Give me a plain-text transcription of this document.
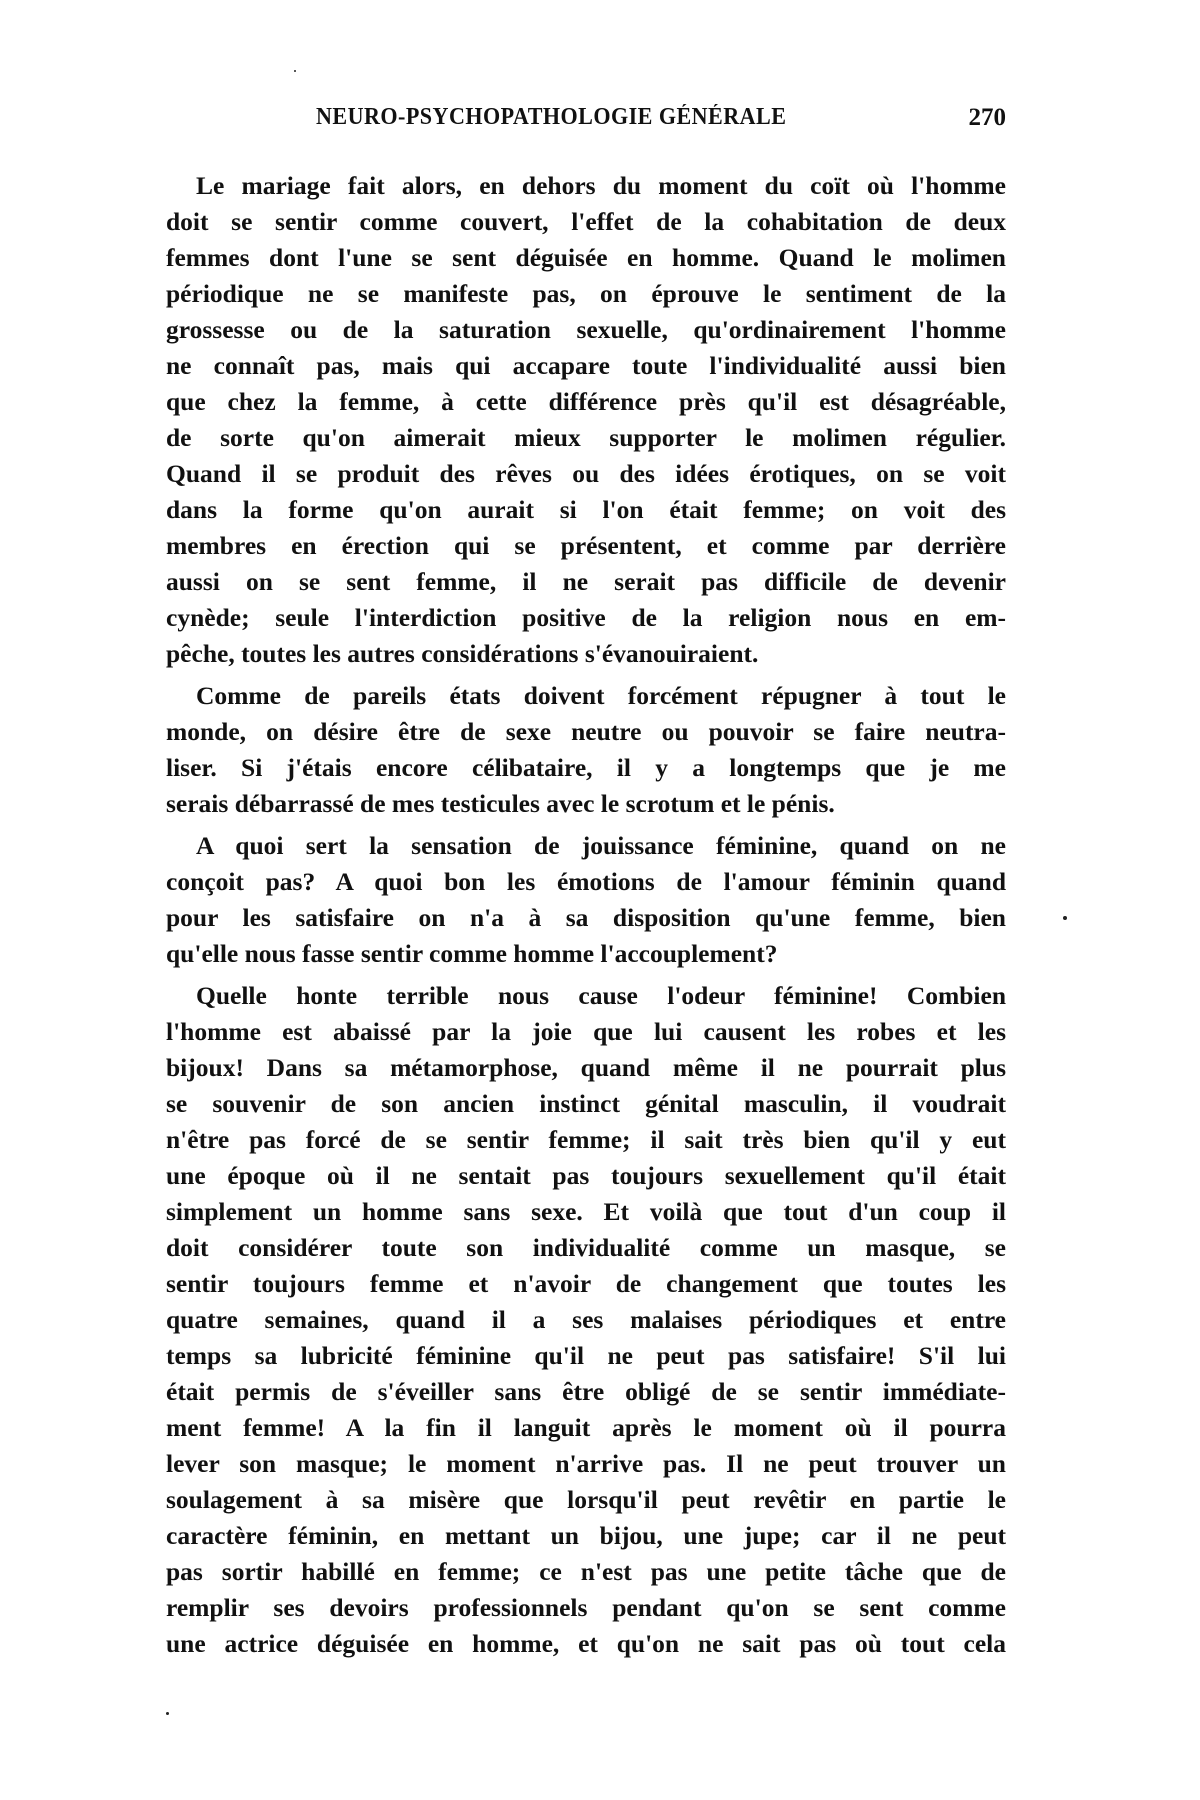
NEURO-PSYCHOPATHOLOGIE GÉNÉRALE	270
Le mariage fait alors, en dehors du moment du coït où l'homme
doit se sentir comme couvert, l'effet de la cohabitation de deux
femmes dont l'une se sent déguisée en homme. Quand le molimen
périodique ne se manifeste pas, on éprouve le sentiment de la
grossesse ou de la saturation sexuelle, qu'ordinairement l'homme
ne connaît pas, mais qui accapare toute l'individualité aussi bien
que chez la femme, à cette différence près qu'il est désagréable,
de sorte qu'on aimerait mieux supporter le molimen régulier.
Quand il se produit des rêves ou des idées érotiques, on se voit
dans la forme qu'on aurait si l'on était femme; on voit des
membres en érection qui se présentent, et comme par derrière
aussi on se sent femme, il ne serait pas difficile de devenir
cynède; seule l'interdiction positive de la religion nous en em-
pêche, toutes les autres considérations s'évanouiraient.
Comme de pareils états doivent forcément répugner à tout le
monde, on désire être de sexe neutre ou pouvoir se faire neutra-
liser. Si j'étais encore célibataire, il y a longtemps que je me
serais débarrassé de mes testicules avec le scrotum et le pénis.
A quoi sert la sensation de jouissance féminine, quand on ne
conçoit pas? A quoi bon les émotions de l'amour féminin quand
pour les satisfaire on n'a à sa disposition qu'une femme, bien
qu'elle nous fasse sentir comme homme l'accouplement?
Quelle honte terrible nous cause l'odeur féminine! Combien
l'homme est abaissé par la joie que lui causent les robes et les
bijoux! Dans sa métamorphose, quand même il ne pourrait plus
se souvenir de son ancien instinct génital masculin, il voudrait
n'être pas forcé de se sentir femme; il sait très bien qu'il y eut
une époque où il ne sentait pas toujours sexuellement qu'il était
simplement un homme sans sexe. Et voilà que tout d'un coup il
doit considérer toute son individualité comme un masque, se
sentir toujours femme et n'avoir de changement que toutes les
quatre semaines, quand il a ses malaises périodiques et entre
temps sa lubricité féminine qu'il ne peut pas satisfaire! S'il lui
était permis de s'éveiller sans être obligé de se sentir immédiate-
ment femme! A la fin il languit après le moment où il pourra
lever son masque; le moment n'arrive pas. Il ne peut trouver un
soulagement à sa misère que lorsqu'il peut revêtir en partie le
caractère féminin, en mettant un bijou, une jupe; car il ne peut
pas sortir habillé en femme; ce n'est pas une petite tâche que de
remplir ses devoirs professionnels pendant qu'on se sent comme
une actrice déguisée en homme, et qu'on ne sait pas où tout cela
